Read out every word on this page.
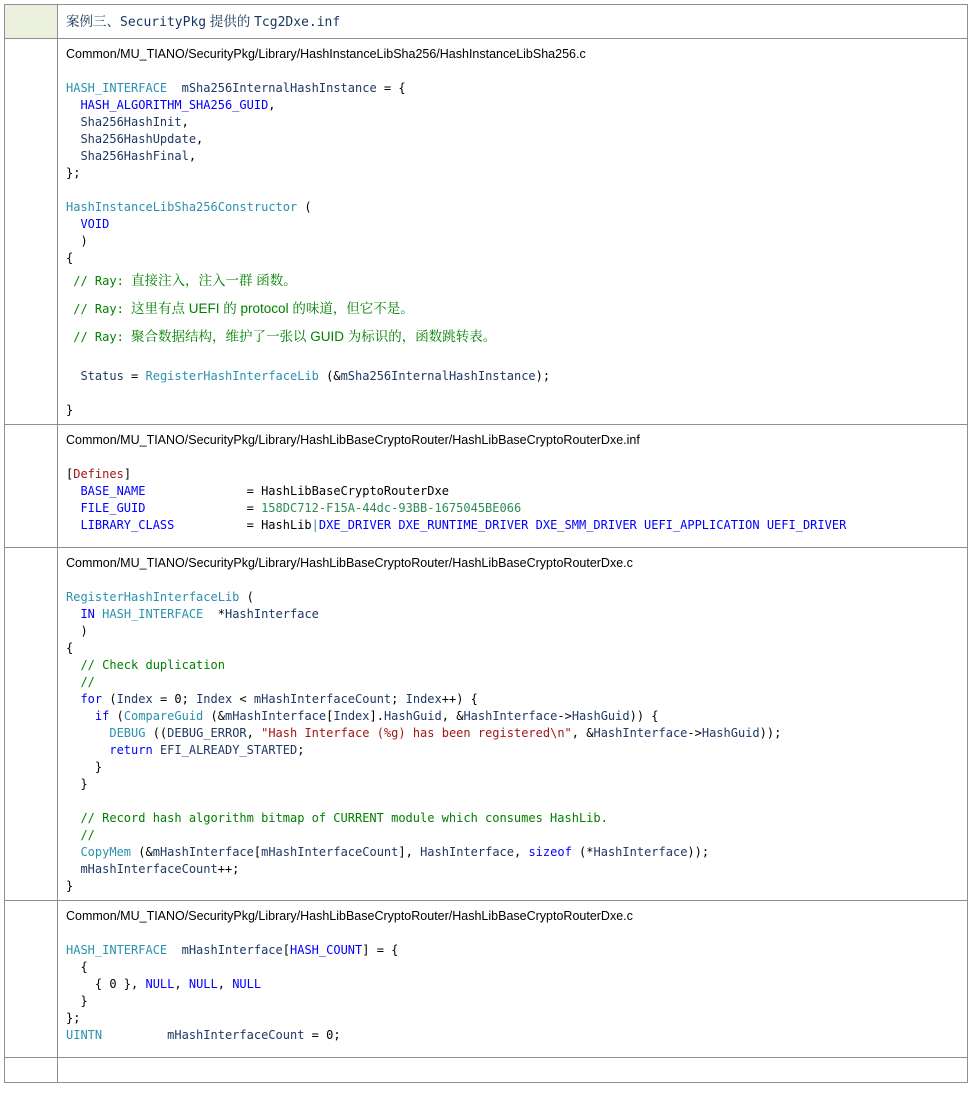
案例三、SecurityPkg 提供的 Tcg2Dxe.inf
Common/MU_TIANO/SecurityPkg/Library/HashInstanceLibSha256/HashInstanceLibSha256.c

HASH_INTERFACE mSha256InternalHashInstance = {
HASH_ALGORITHM_SHA256_GUID,
Sha256HashInit,
Sha256HashUpdate,
Sha256HashFinal,
};

HashInstanceLibSha256Constructor (
VOID
)
{
// Ray: 直接注入，注入一群 函数。
// Ray: 这里有点 UEFI 的 protocol 的味道，但它不是。
// Ray: 聚合数据结构，维护了一张以 GUID 为标识的，函数跳转表。

Status = RegisterHashInterfaceLib (&mSha256InternalHashInstance);

}
Common/MU_TIANO/SecurityPkg/Library/HashLibBaseCryptoRouter/HashLibBaseCryptoRouterDxe.inf

[Defines]
BASE_NAME              = HashLibBaseCryptoRouterDxe
FILE_GUID              = 158DC712-F15A-44dc-93BB-1675045BE066
LIBRARY_CLASS          = HashLib|DXE_DRIVER DXE_RUNTIME_DRIVER DXE_SMM_DRIVER UEFI_APPLICATION UEFI_DRIVER
Common/MU_TIANO/SecurityPkg/Library/HashLibBaseCryptoRouter/HashLibBaseCryptoRouterDxe.c

RegisterHashInterfaceLib (
IN HASH_INTERFACE  *HashInterface
)
{
// Check duplication
//
for (Index = 0; Index < mHashInterfaceCount; Index++) {
if (CompareGuid (&mHashInterface[Index].HashGuid, &HashInterface->HashGuid)) {
DEBUG ((DEBUG_ERROR, "Hash Interface (%g) has been registered\n", &HashInterface->HashGuid));
return EFI_ALREADY_STARTED;
}
}

// Record hash algorithm bitmap of CURRENT module which consumes HashLib.
//
CopyMem (&mHashInterface[mHashInterfaceCount], HashInterface, sizeof (*HashInterface));
mHashInterfaceCount++;
}
Common/MU_TIANO/SecurityPkg/Library/HashLibBaseCryptoRouter/HashLibBaseCryptoRouterDxe.c

HASH_INTERFACE mHashInterface[HASH_COUNT] = {
{
{ 0 }, NULL, NULL, NULL
}
};
UINTN	mHashInterfaceCount = 0;
